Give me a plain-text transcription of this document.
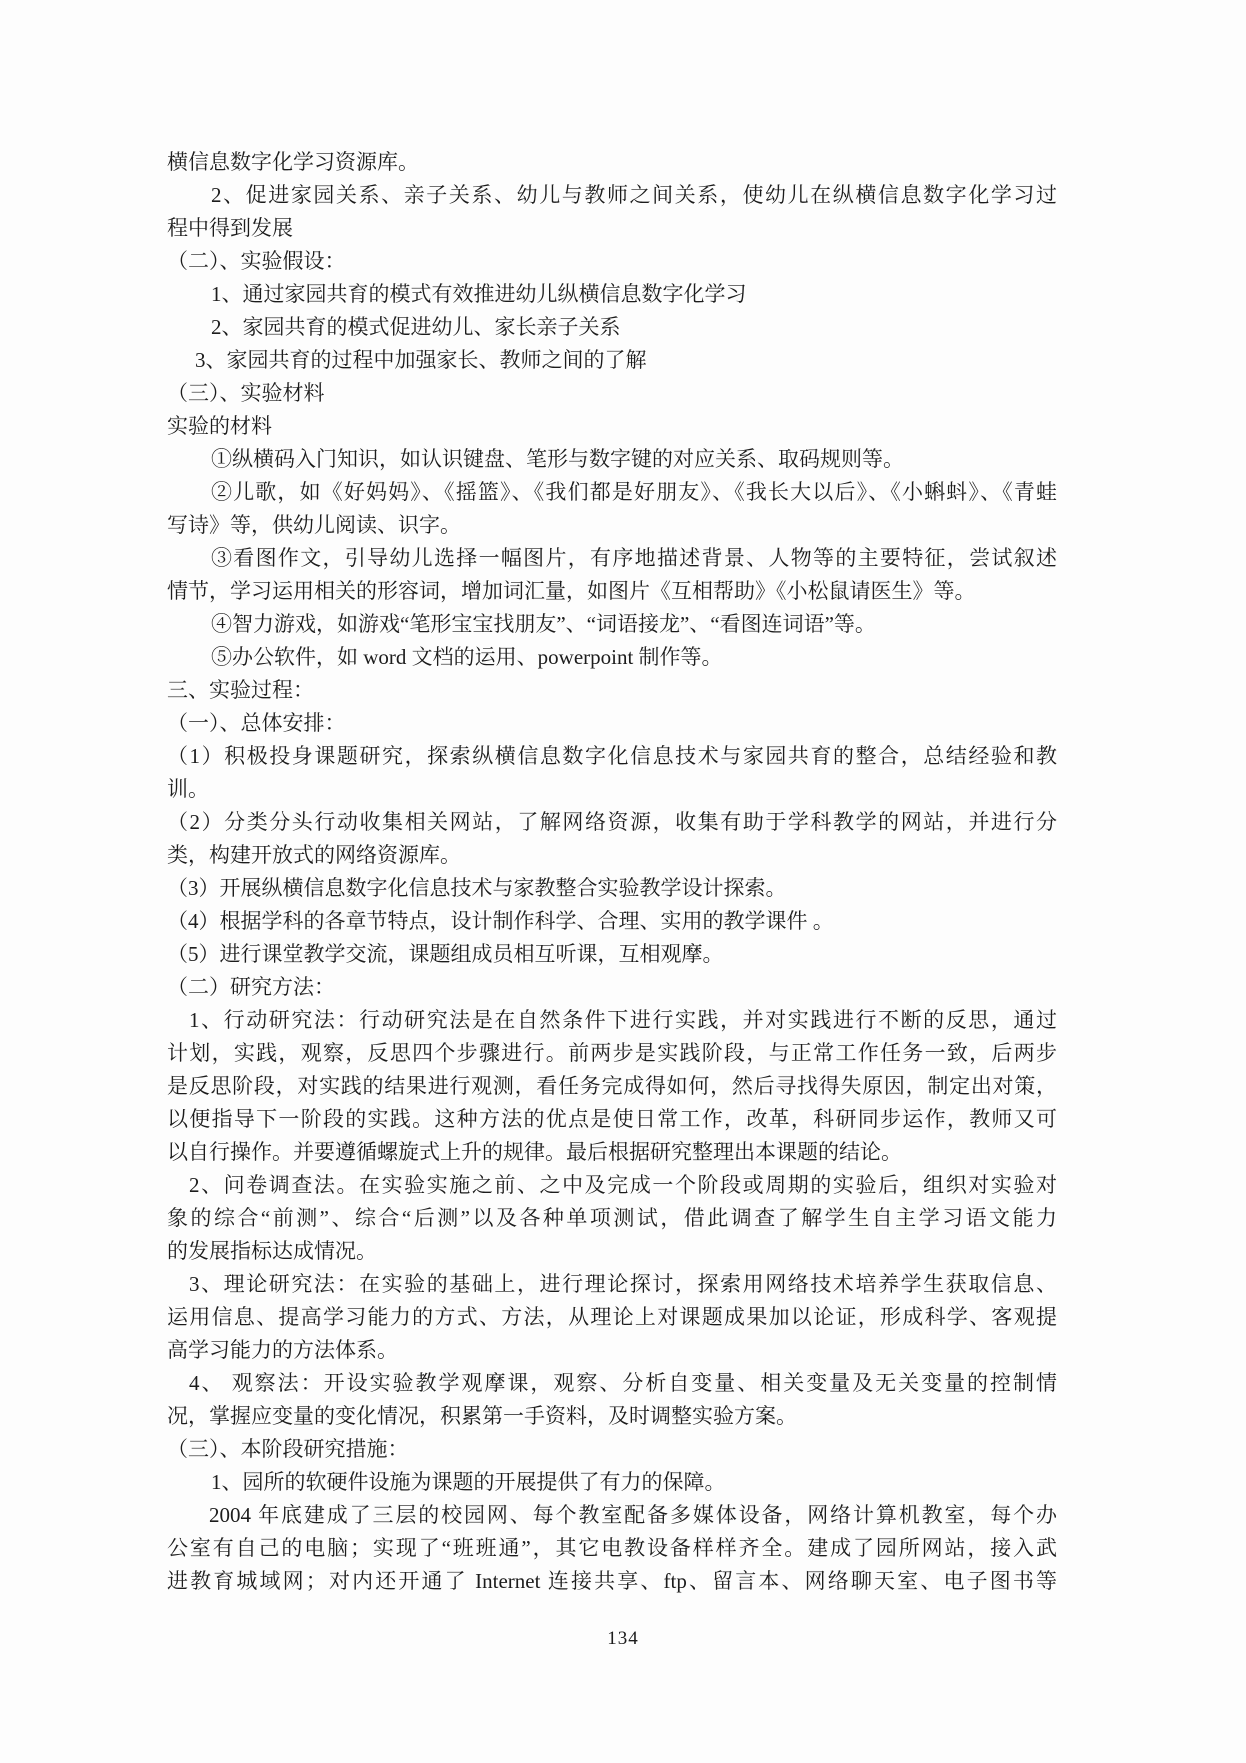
横信息数字化学习资源库。
2、促进家园关系、亲子关系、幼儿与教师之间关系，使幼儿在纵横信息数字化学习过
程中得到发展
（二）、实验假设：
1、通过家园共育的模式有效推进幼儿纵横信息数字化学习
2、家园共育的模式促进幼儿、家长亲子关系
3、家园共育的过程中加强家长、教师之间的了解
（三）、实验材料
实验的材料
①纵横码入门知识，如认识键盘、笔形与数字键的对应关系、取码规则等。
②儿歌，如《好妈妈》、《摇篮》、《我们都是好朋友》、《我长大以后》、《小蝌蚪》、《青蛙
写诗》等，供幼儿阅读、识字。
③看图作文，引导幼儿选择一幅图片，有序地描述背景、人物等的主要特征，尝试叙述
情节，学习运用相关的形容词，增加词汇量，如图片《互相帮助》《小松鼠请医生》等。
④智力游戏，如游戏“笔形宝宝找朋友”、“词语接龙”、“看图连词语”等。
⑤办公软件，如 word 文档的运用、powerpoint 制作等。
三、实验过程：
（一）、总体安排：
（1）积极投身课题研究，探索纵横信息数字化信息技术与家园共育的整合，总结经验和教
训。
（2）分类分头行动收集相关网站，了解网络资源，收集有助于学科教学的网站，并进行分
类，构建开放式的网络资源库。
（3）开展纵横信息数字化信息技术与家教整合实验教学设计探索。
（4）根据学科的各章节特点，设计制作科学、合理、实用的教学课件 。
（5）进行课堂教学交流，课题组成员相互听课，互相观摩。
（二）研究方法：
1、行动研究法：行动研究法是在自然条件下进行实践，并对实践进行不断的反思，通过
计划，实践，观察，反思四个步骤进行。前两步是实践阶段，与正常工作任务一致，后两步
是反思阶段，对实践的结果进行观测，看任务完成得如何，然后寻找得失原因，制定出对策，
以便指导下一阶段的实践。这种方法的优点是使日常工作，改革，科研同步运作，教师又可
以自行操作。并要遵循螺旋式上升的规律。最后根据研究整理出本课题的结论。
2、问卷调查法。在实验实施之前、之中及完成一个阶段或周期的实验后，组织对实验对
象的综合“前测”、综合“后测”以及各种单项测试，借此调查了解学生自主学习语文能力
的发展指标达成情况。
3、理论研究法：在实验的基础上，进行理论探讨，探索用网络技术培养学生获取信息、
运用信息、提高学习能力的方式、方法，从理论上对课题成果加以论证，形成科学、客观提
高学习能力的方法体系。
4、 观察法：开设实验教学观摩课，观察、分析自变量、相关变量及无关变量的控制情
况，掌握应变量的变化情况，积累第一手资料，及时调整实验方案。
（三）、本阶段研究措施：
1、园所的软硬件设施为课题的开展提供了有力的保障。
2004 年底建成了三层的校园网、每个教室配备多媒体设备，网络计算机教室，每个办
公室有自己的电脑；实现了“班班通”，其它电教设备样样齐全。建成了园所网站，接入武
进教育城域网；对内还开通了 Internet 连接共享、ftp、留言本、网络聊天室、电子图书等
134
